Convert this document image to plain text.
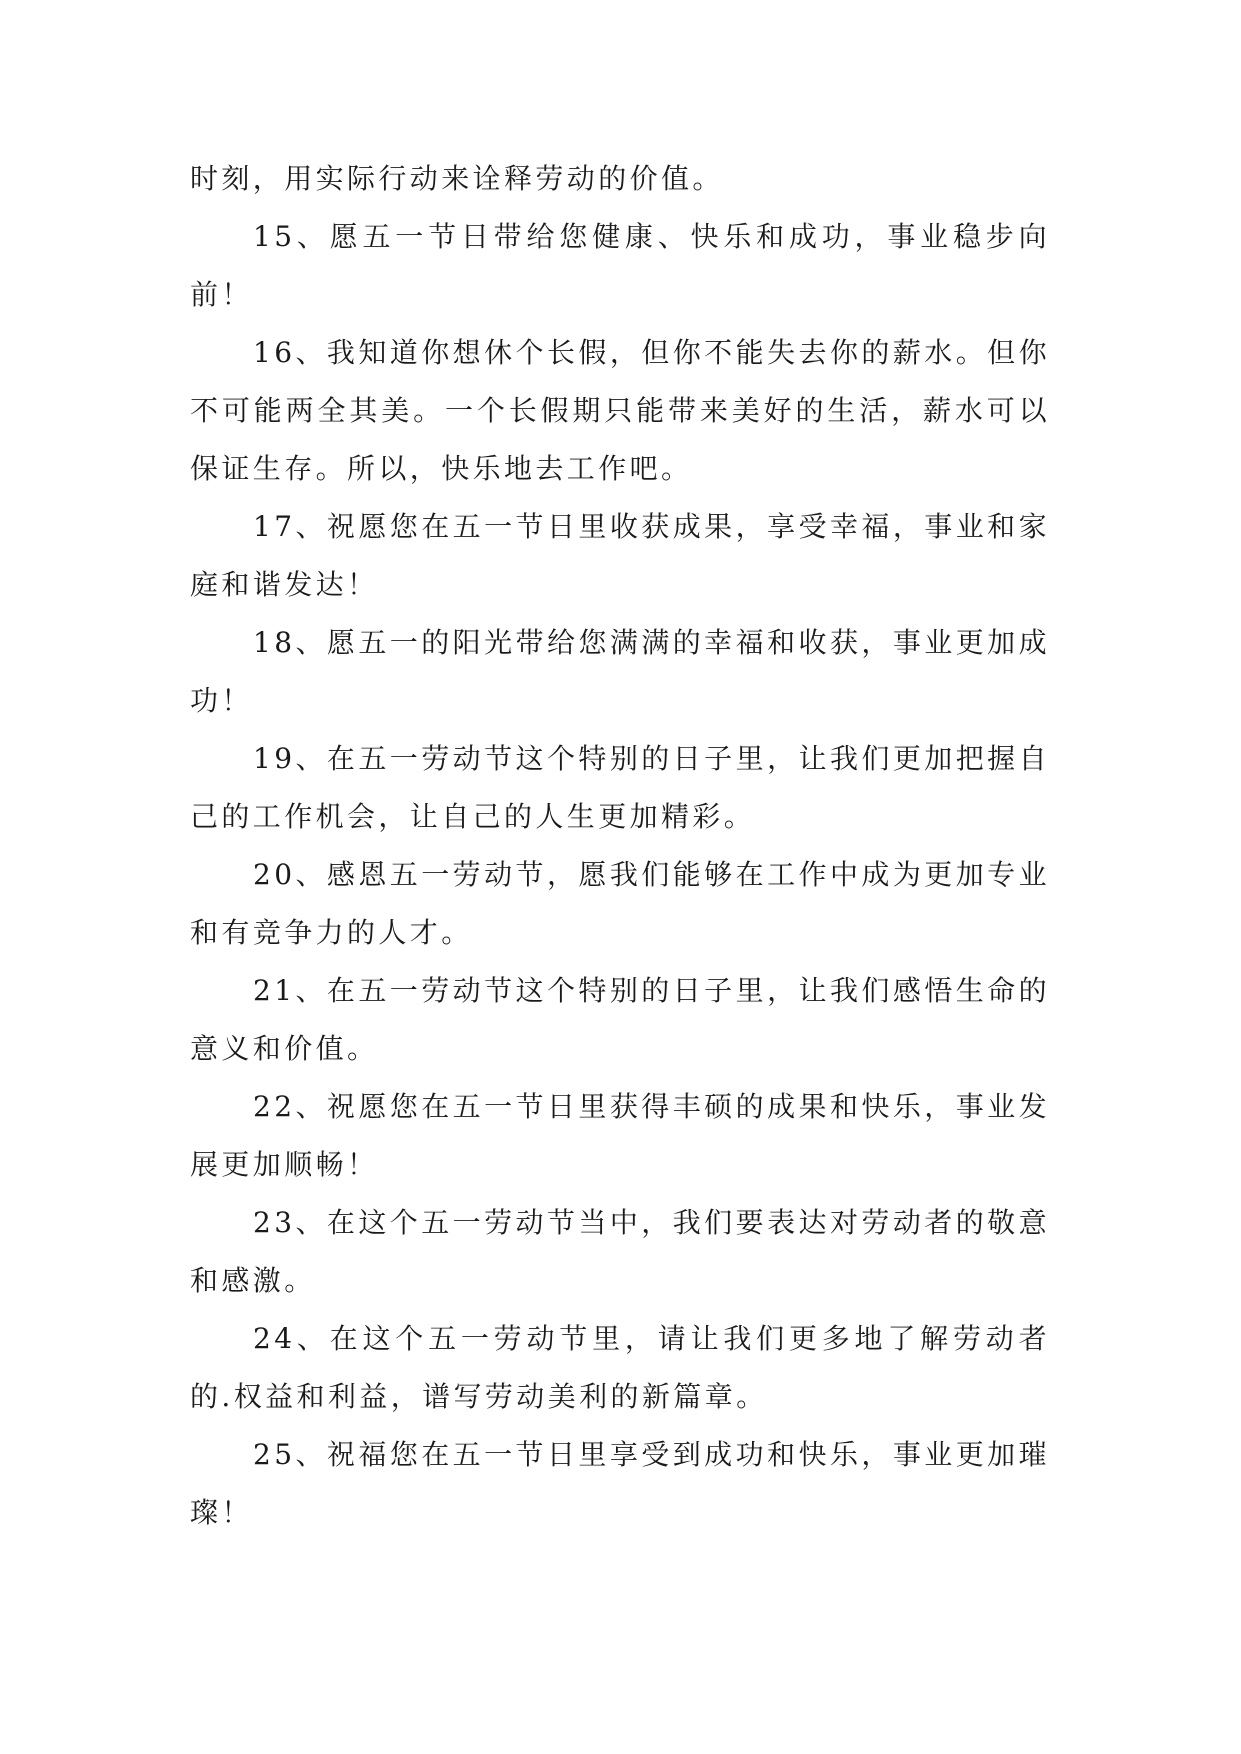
时刻，用实际行动来诠释劳动的价值。

15、愿五一节日带给您健康、快乐和成功，事业稳步向前！

16、我知道你想休个长假，但你不能失去你的薪水。但你不可能两全其美。一个长假期只能带来美好的生活，薪水可以保证生存。所以，快乐地去工作吧。

17、祝愿您在五一节日里收获成果，享受幸福，事业和家庭和谐发达！

18、愿五一的阳光带给您满满的幸福和收获，事业更加成功！

19、在五一劳动节这个特别的日子里，让我们更加把握自己的工作机会，让自己的人生更加精彩。

20、感恩五一劳动节，愿我们能够在工作中成为更加专业和有竞争力的人才。

21、在五一劳动节这个特别的日子里，让我们感悟生命的意义和价值。

22、祝愿您在五一节日里获得丰硕的成果和快乐，事业发展更加顺畅！

23、在这个五一劳动节当中，我们要表达对劳动者的敬意和感激。

24、在这个五一劳动节里，请让我们更多地了解劳动者的.权益和利益，谱写劳动美利的新篇章。

25、祝福您在五一节日里享受到成功和快乐，事业更加璀璨！
